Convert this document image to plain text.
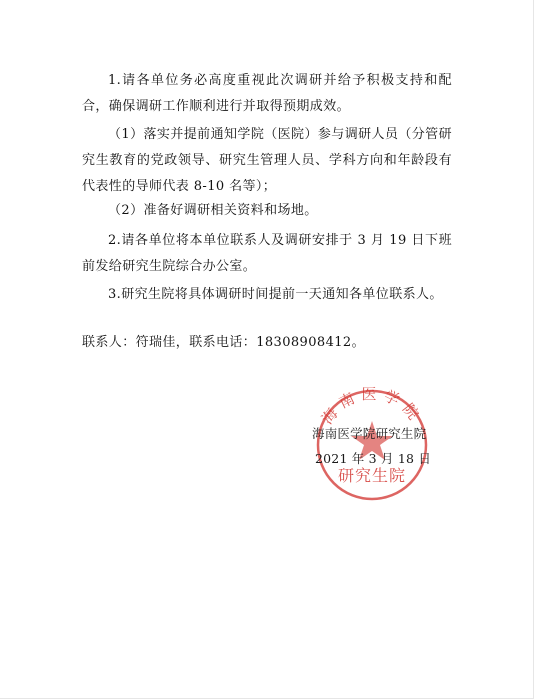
1.请各单位务必高度重视此次调研并给予积极支持和配合，确保调研工作顺利进行并取得预期成效。

（1）落实并提前通知学院（医院）参与调研人员（分管研究生教育的党政领导、研究生管理人员、学科方向和年龄段有代表性的导师代表 8-10 名等）；

（2）准备好调研相关资料和场地。

2.请各单位将本单位联系人及调研安排于 3 月 19 日下班前发给研究生院综合办公室。

3.研究生院将具体调研时间提前一天通知各单位联系人。

联系人：符瑞佳，联系电话：18308908412。

海南医学院
研究生院
海南医学院研究生院
2021 年 3 月 18 日
